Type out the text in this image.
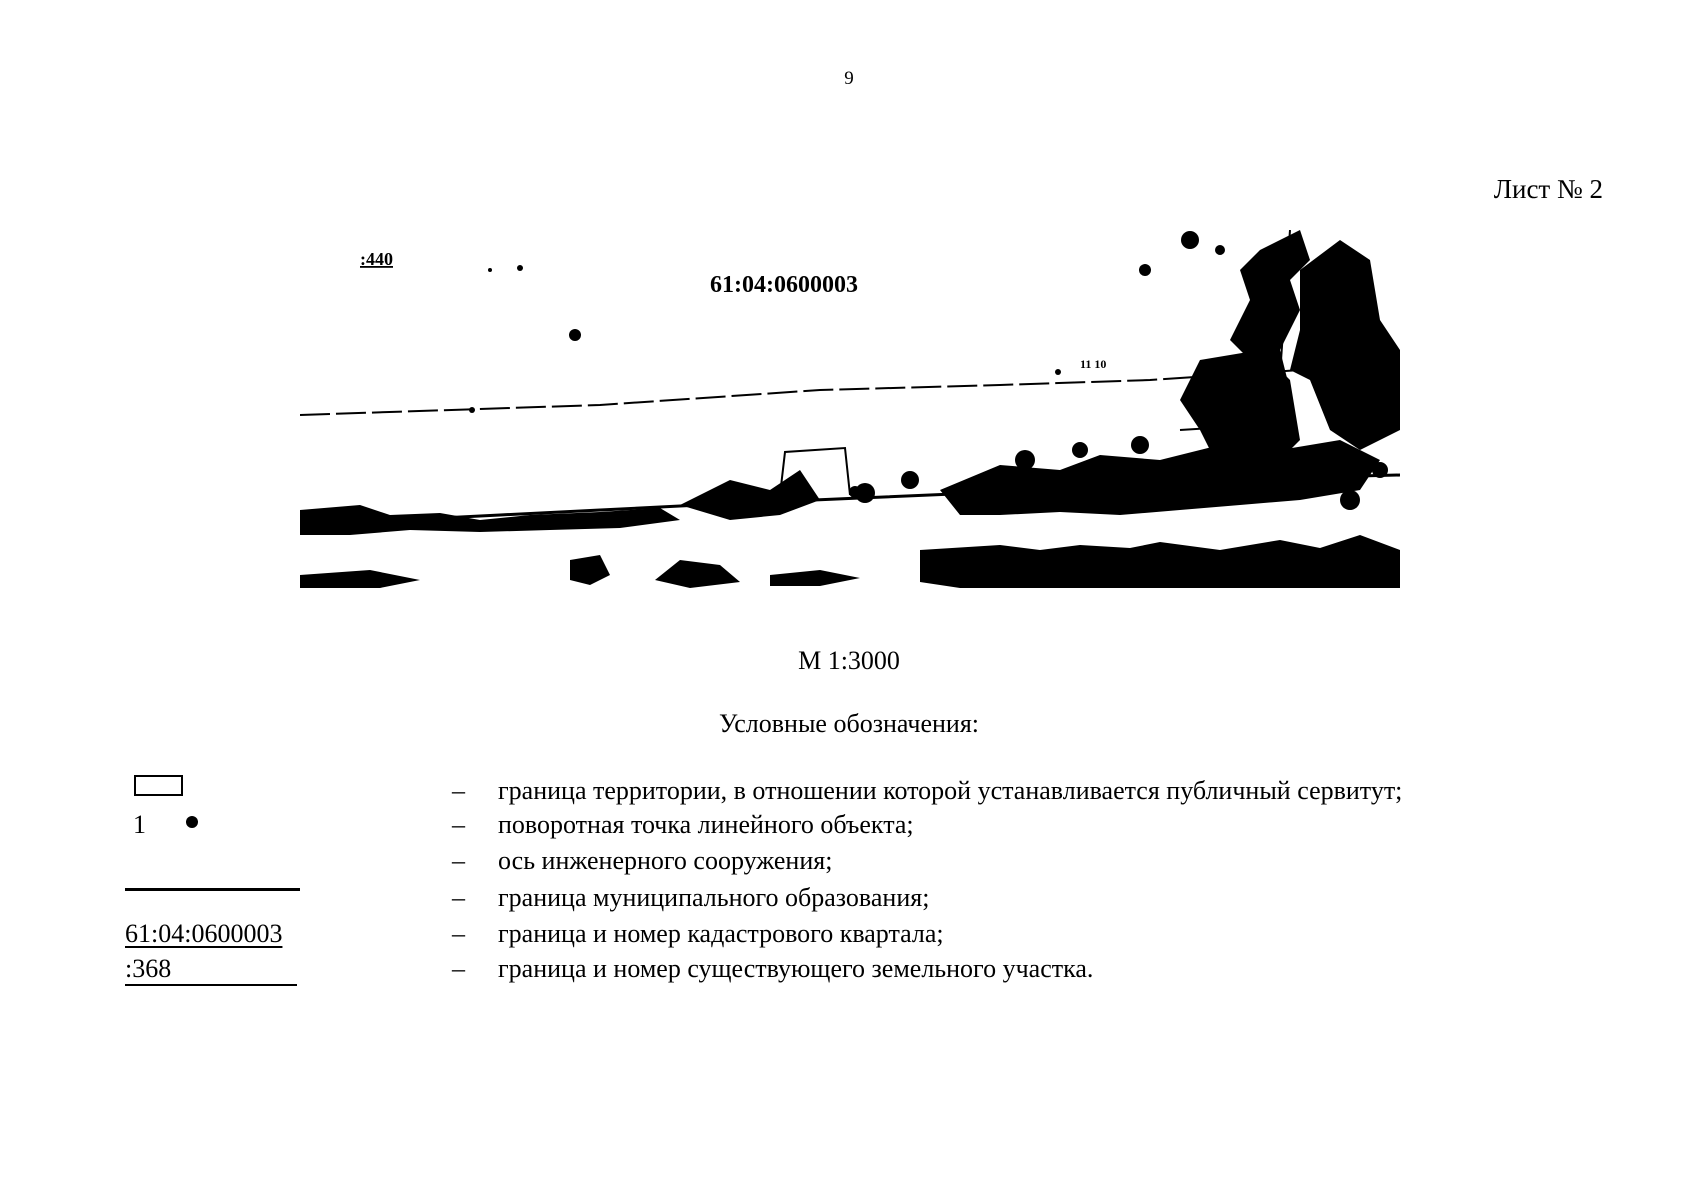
9
Лист № 2
:440
61:04:0600003
11 10
М 1:3000
Условные обозначения:
– граница территории, в отношении которой устанавливается публичный сервитут;
1	– поворотная точка линейного объекта;
– ось инженерного сооружения;
– граница муниципального образования;
61:04:0600003	– граница и номер кадастрового квартала;
:368	– граница и номер существующего земельного участка.
